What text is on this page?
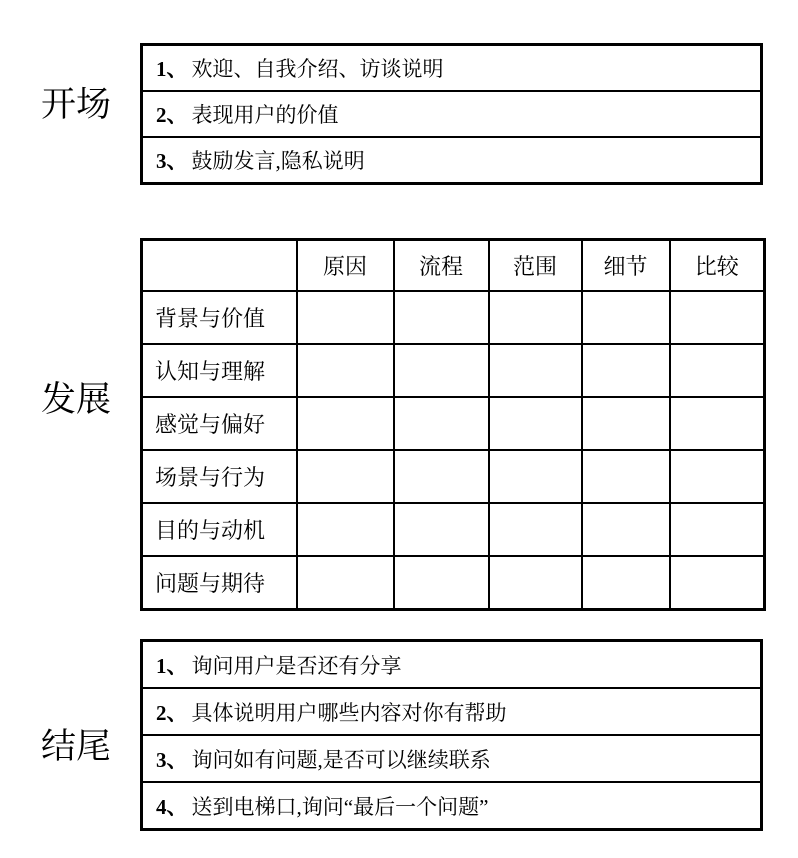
开场
1、 欢迎、自我介绍、访谈说明
2、 表现用户的价值
3、 鼓励发言,隐私说明
发展
	原因	流程	范围	细节	比较
背景与价值					
认知与理解					
感觉与偏好					
场景与行为					
目的与动机					
问题与期待					
结尾
1、 询问用户是否还有分享
2、 具体说明用户哪些内容对你有帮助
3、 询问如有问题,是否可以继续联系
4、 送到电梯口,询问“最后一个问题”
